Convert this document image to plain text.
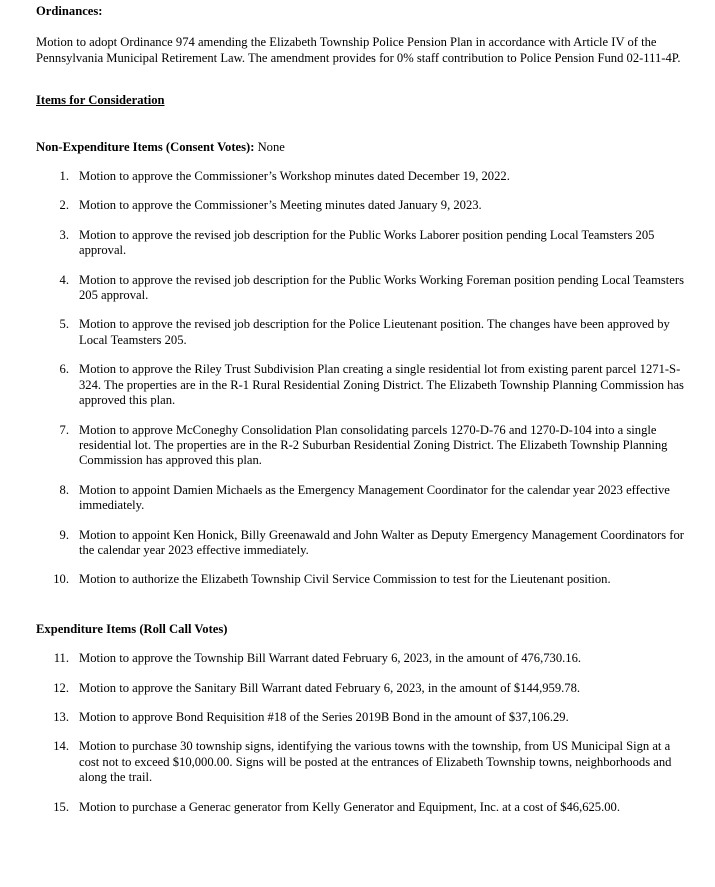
Ordinances:

Motion to adopt Ordinance 974 amending the Elizabeth Township Police Pension Plan in accordance with Article IV of the Pennsylvania Municipal Retirement Law. The amendment provides for 0% staff contribution to Police Pension Fund 02-111-4P.

Items for Consideration

Non-Expenditure Items (Consent Votes): None

1. Motion to approve the Commissioner’s Workshop minutes dated December 19, 2022.
2. Motion to approve the Commissioner’s Meeting minutes dated January 9, 2023.
3. Motion to approve the revised job description for the Public Works Laborer position pending Local Teamsters 205 approval.
4. Motion to approve the revised job description for the Public Works Working Foreman position pending Local Teamsters 205 approval.
5. Motion to approve the revised job description for the Police Lieutenant position. The changes have been approved by Local Teamsters 205.
6. Motion to approve the Riley Trust Subdivision Plan creating a single residential lot from existing parent parcel 1271-S-324. The properties are in the R-1 Rural Residential Zoning District. The Elizabeth Township Planning Commission has approved this plan.
7. Motion to approve McConeghy Consolidation Plan consolidating parcels 1270-D-76 and 1270-D-104 into a single residential lot. The properties are in the R-2 Suburban Residential Zoning District. The Elizabeth Township Planning Commission has approved this plan.
8. Motion to appoint Damien Michaels as the Emergency Management Coordinator for the calendar year 2023 effective immediately.
9. Motion to appoint Ken Honick, Billy Greenawald and John Walter as Deputy Emergency Management Coordinators for the calendar year 2023 effective immediately.
10. Motion to authorize the Elizabeth Township Civil Service Commission to test for the Lieutenant position.

Expenditure Items (Roll Call Votes)

11. Motion to approve the Township Bill Warrant dated February 6, 2023, in the amount of 476,730.16.
12. Motion to approve the Sanitary Bill Warrant dated February 6, 2023, in the amount of $144,959.78.
13. Motion to approve Bond Requisition #18 of the Series 2019B Bond in the amount of $37,106.29.
14. Motion to purchase 30 township signs, identifying the various towns with the township, from US Municipal Sign at a cost not to exceed $10,000.00. Signs will be posted at the entrances of Elizabeth Township towns, neighborhoods and along the trail.
15. Motion to purchase a Generac generator from Kelly Generator and Equipment, Inc. at a cost of $46,625.00.
